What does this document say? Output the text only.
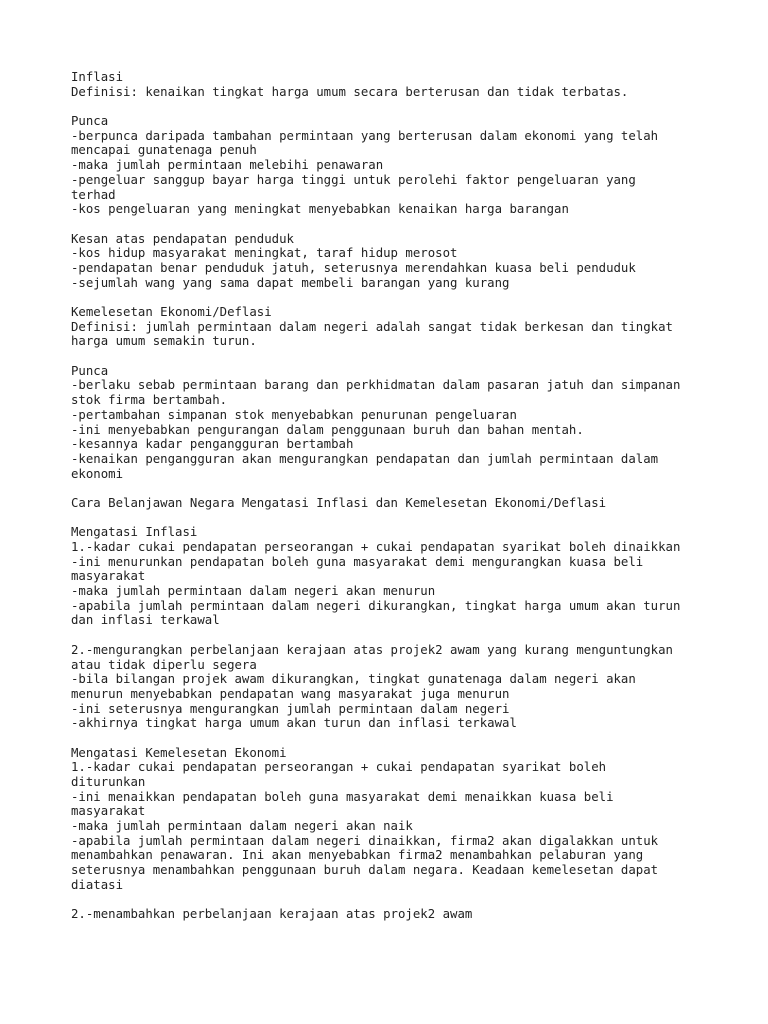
Inflasi
Definisi: kenaikan tingkat harga umum secara berterusan dan tidak terbatas.
Punca
-berpunca daripada tambahan permintaan yang berterusan dalam ekonomi yang telah
mencapai gunatenaga penuh
-maka jumlah permintaan melebihi penawaran
-pengeluar sanggup bayar harga tinggi untuk perolehi faktor pengeluaran yang
terhad
-kos pengeluaran yang meningkat menyebabkan kenaikan harga barangan
Kesan atas pendapatan penduduk
-kos hidup masyarakat meningkat, taraf hidup merosot
-pendapatan benar penduduk jatuh, seterusnya merendahkan kuasa beli penduduk
-sejumlah wang yang sama dapat membeli barangan yang kurang
Kemelesetan Ekonomi/Deflasi
Definisi: jumlah permintaan dalam negeri adalah sangat tidak berkesan dan tingkat
harga umum semakin turun.
Punca
-berlaku sebab permintaan barang dan perkhidmatan dalam pasaran jatuh dan simpanan
stok firma bertambah.
-pertambahan simpanan stok menyebabkan penurunan pengeluaran
-ini menyebabkan pengurangan dalam penggunaan buruh dan bahan mentah.
-kesannya kadar pengangguran bertambah
-kenaikan pengangguran akan mengurangkan pendapatan dan jumlah permintaan dalam
ekonomi
Cara Belanjawan Negara Mengatasi Inflasi dan Kemelesetan Ekonomi/Deflasi
Mengatasi Inflasi
1.-kadar cukai pendapatan perseorangan + cukai pendapatan syarikat boleh dinaikkan
-ini menurunkan pendapatan boleh guna masyarakat demi mengurangkan kuasa beli
masyarakat
-maka jumlah permintaan dalam negeri akan menurun
-apabila jumlah permintaan dalam negeri dikurangkan, tingkat harga umum akan turun
dan inflasi terkawal
2.-mengurangkan perbelanjaan kerajaan atas projek2 awam yang kurang menguntungkan
atau tidak diperlu segera
-bila bilangan projek awam dikurangkan, tingkat gunatenaga dalam negeri akan
menurun menyebabkan pendapatan wang masyarakat juga menurun
-ini seterusnya mengurangkan jumlah permintaan dalam negeri
-akhirnya tingkat harga umum akan turun dan inflasi terkawal
Mengatasi Kemelesetan Ekonomi
1.-kadar cukai pendapatan perseorangan + cukai pendapatan syarikat boleh
diturunkan
-ini menaikkan pendapatan boleh guna masyarakat demi menaikkan kuasa beli
masyarakat
-maka jumlah permintaan dalam negeri akan naik
-apabila jumlah permintaan dalam negeri dinaikkan, firma2 akan digalakkan untuk
menambahkan penawaran. Ini akan menyebabkan firma2 menambahkan pelaburan yang
seterusnya menambahkan penggunaan buruh dalam negara. Keadaan kemelesetan dapat
diatasi
2.-menambahkan perbelanjaan kerajaan atas projek2 awam
